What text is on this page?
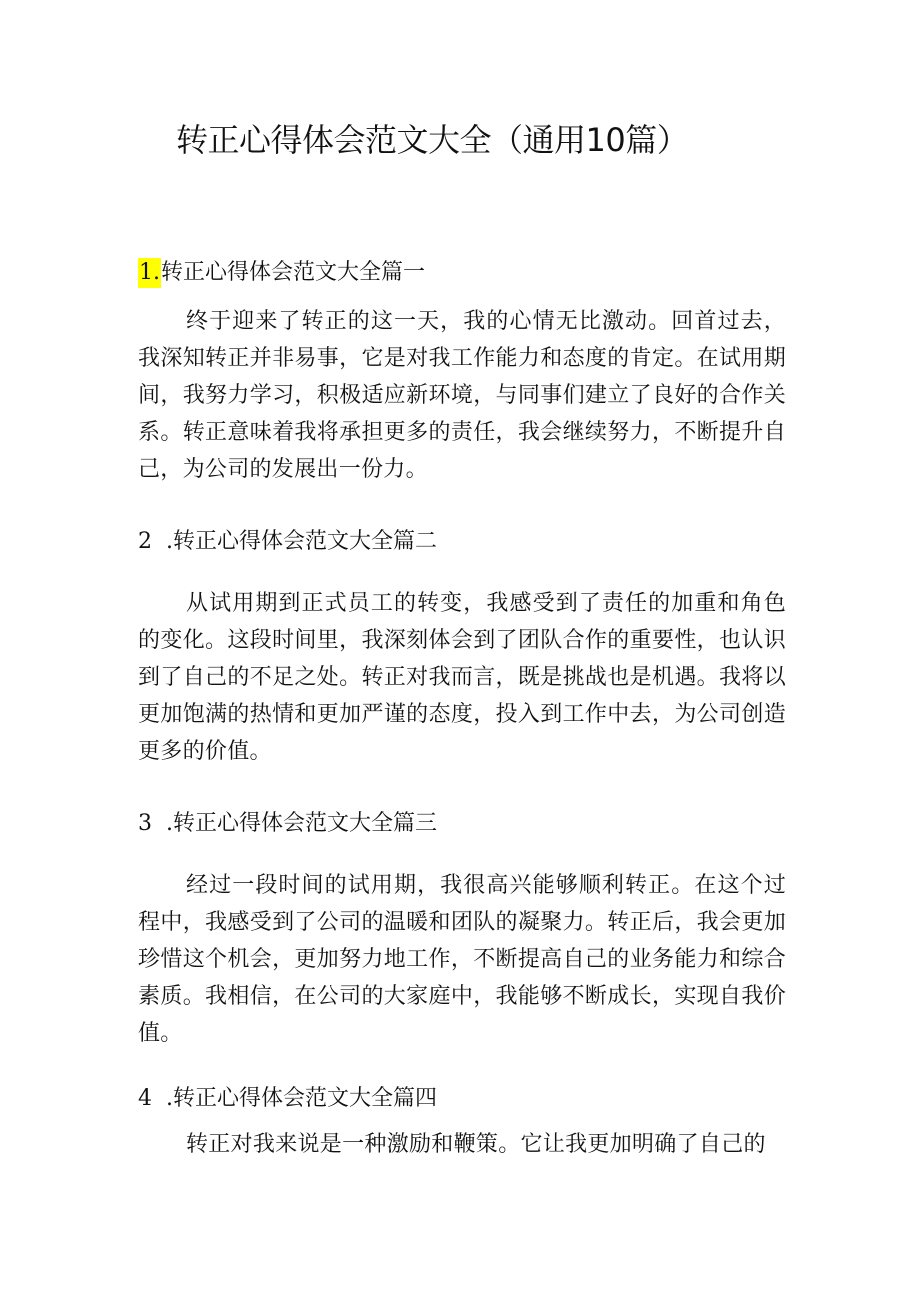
转正心得体会范文大全（通用10篇）
1.转正心得体会范文大全篇一

终于迎来了转正的这一天，我的心情无比激动。回首过去，我深知转正并非易事，它是对我工作能力和态度的肯定。在试用期间，我努力学习，积极适应新环境，与同事们建立了良好的合作关系。转正意味着我将承担更多的责任，我会继续努力，不断提升自己，为公司的发展出一份力。

2 .转正心得体会范文大全篇二

从试用期到正式员工的转变，我感受到了责任的加重和角色的变化。这段时间里，我深刻体会到了团队合作的重要性，也认识到了自己的不足之处。转正对我而言，既是挑战也是机遇。我将以更加饱满的热情和更加严谨的态度，投入到工作中去，为公司创造更多的价值。

3 .转正心得体会范文大全篇三

经过一段时间的试用期，我很高兴能够顺利转正。在这个过程中，我感受到了公司的温暖和团队的凝聚力。转正后，我会更加珍惜这个机会，更加努力地工作，不断提高自己的业务能力和综合素质。我相信，在公司的大家庭中，我能够不断成长，实现自我价值。

4 .转正心得体会范文大全篇四

转正对我来说是一种激励和鞭策。它让我更加明确了自己的
